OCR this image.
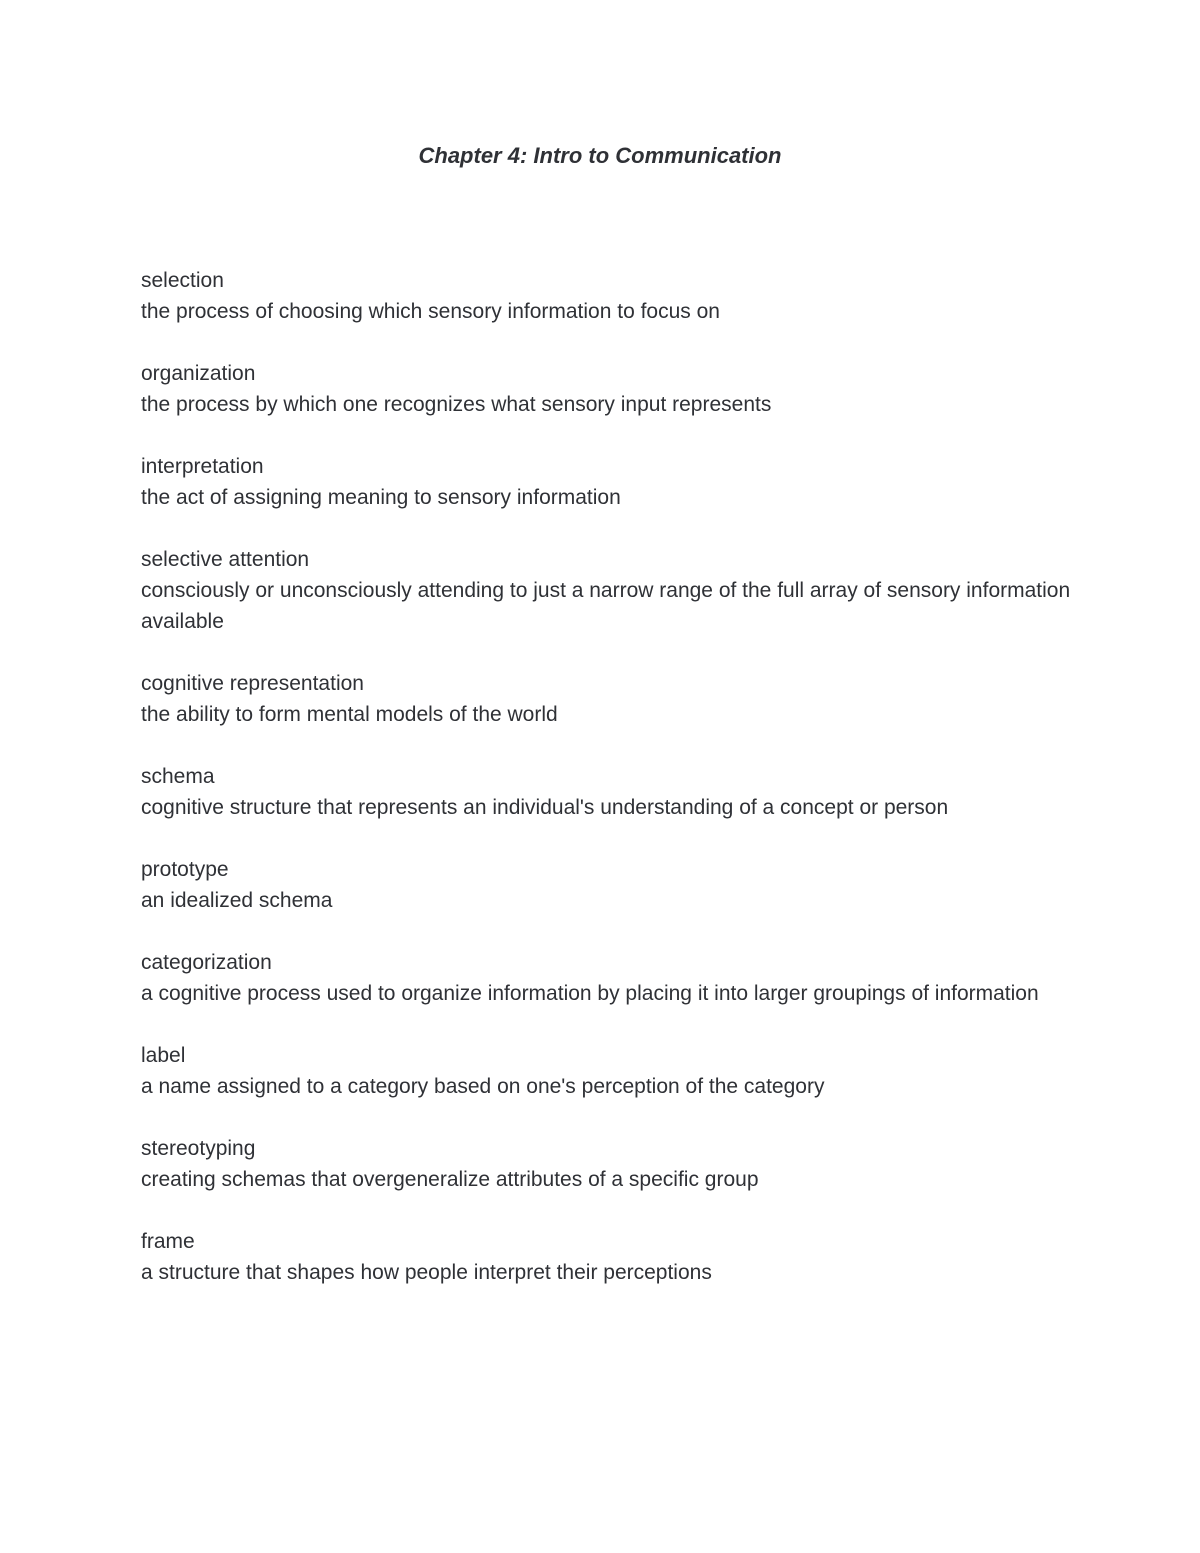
Chapter 4: Intro to Communication
selection
the process of choosing which sensory information to focus on
organization
the process by which one recognizes what sensory input represents
interpretation
the act of assigning meaning to sensory information
selective attention
consciously or unconsciously attending to just a narrow range of the full array of sensory information available
cognitive representation
the ability to form mental models of the world
schema
cognitive structure that represents an individual's understanding of a concept or person
prototype
an idealized schema
categorization
a cognitive process used to organize information by placing it into larger groupings of information
label
a name assigned to a category based on one's perception of the category
stereotyping
creating schemas that overgeneralize attributes of a specific group
frame
a structure that shapes how people interpret their perceptions
